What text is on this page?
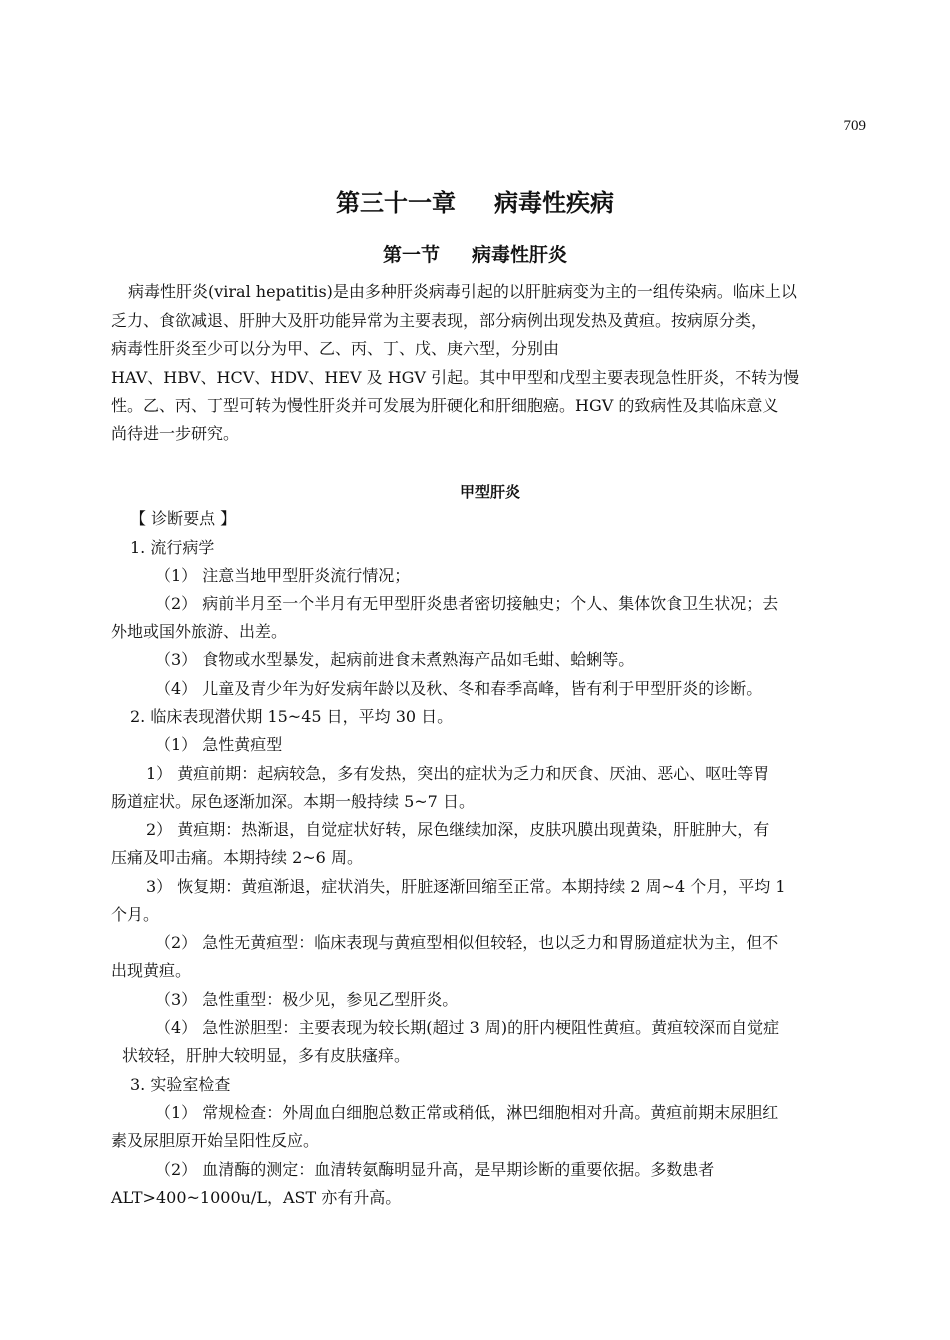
709
第三十一章 病毒性疾病
第一节 病毒性肝炎
病毒性肝炎(viral hepatitis)是由多种肝炎病毒引起的以肝脏病变为主的一组传染病。临床上以
乏力、食欲减退、肝肿大及肝功能异常为主要表现，部分病例出现发热及黄疸。按病原分类，
病毒性肝炎至少可以分为甲、乙、丙、丁、戊、庚六型，分别由
HAV、HBV、HCV、HDV、HEV 及 HGV 引起。其中甲型和戊型主要表现急性肝炎，不转为慢
性。乙、丙、丁型可转为慢性肝炎并可发展为肝硬化和肝细胞癌。HGV 的致病性及其临床意义
尚待进一步研究。
甲型肝炎
【 诊断要点 】
1. 流行病学
（1） 注意当地甲型肝炎流行情况；
（2） 病前半月至一个半月有无甲型肝炎患者密切接触史；个人、集体饮食卫生状况；去
外地或国外旅游、出差。
（3） 食物或水型暴发，起病前进食未煮熟海产品如毛蚶、蛤蜊等。
（4） 儿童及青少年为好发病年龄以及秋、冬和春季高峰，皆有利于甲型肝炎的诊断。
2. 临床表现潜伏期 15~45 日，平均 30 日。
（1） 急性黄疸型
1） 黄疸前期：起病较急，多有发热，突出的症状为乏力和厌食、厌油、恶心、呕吐等胃
肠道症状。尿色逐渐加深。本期一般持续 5~7 日。
2） 黄疸期：热渐退，自觉症状好转，尿色继续加深，皮肤巩膜出现黄染，肝脏肿大，有
压痛及叩击痛。本期持续 2~6 周。
3） 恢复期：黄疸渐退，症状消失，肝脏逐渐回缩至正常。本期持续 2 周~4 个月，平均 1
个月。
（2） 急性无黄疸型：临床表现与黄疸型相似但较轻，也以乏力和胃肠道症状为主，但不
出现黄疸。
（3） 急性重型：极少见，参见乙型肝炎。
（4） 急性淤胆型：主要表现为较长期(超过 3 周)的肝内梗阻性黄疸。黄疸较深而自觉症
状较轻，肝肿大较明显，多有皮肤瘙痒。
3. 实验室检查
（1） 常规检查：外周血白细胞总数正常或稍低，淋巴细胞相对升高。黄疸前期末尿胆红
素及尿胆原开始呈阳性反应。
（2） 血清酶的测定：血清转氨酶明显升高，是早期诊断的重要依据。多数患者
ALT>400~1000u/L，AST 亦有升高。
